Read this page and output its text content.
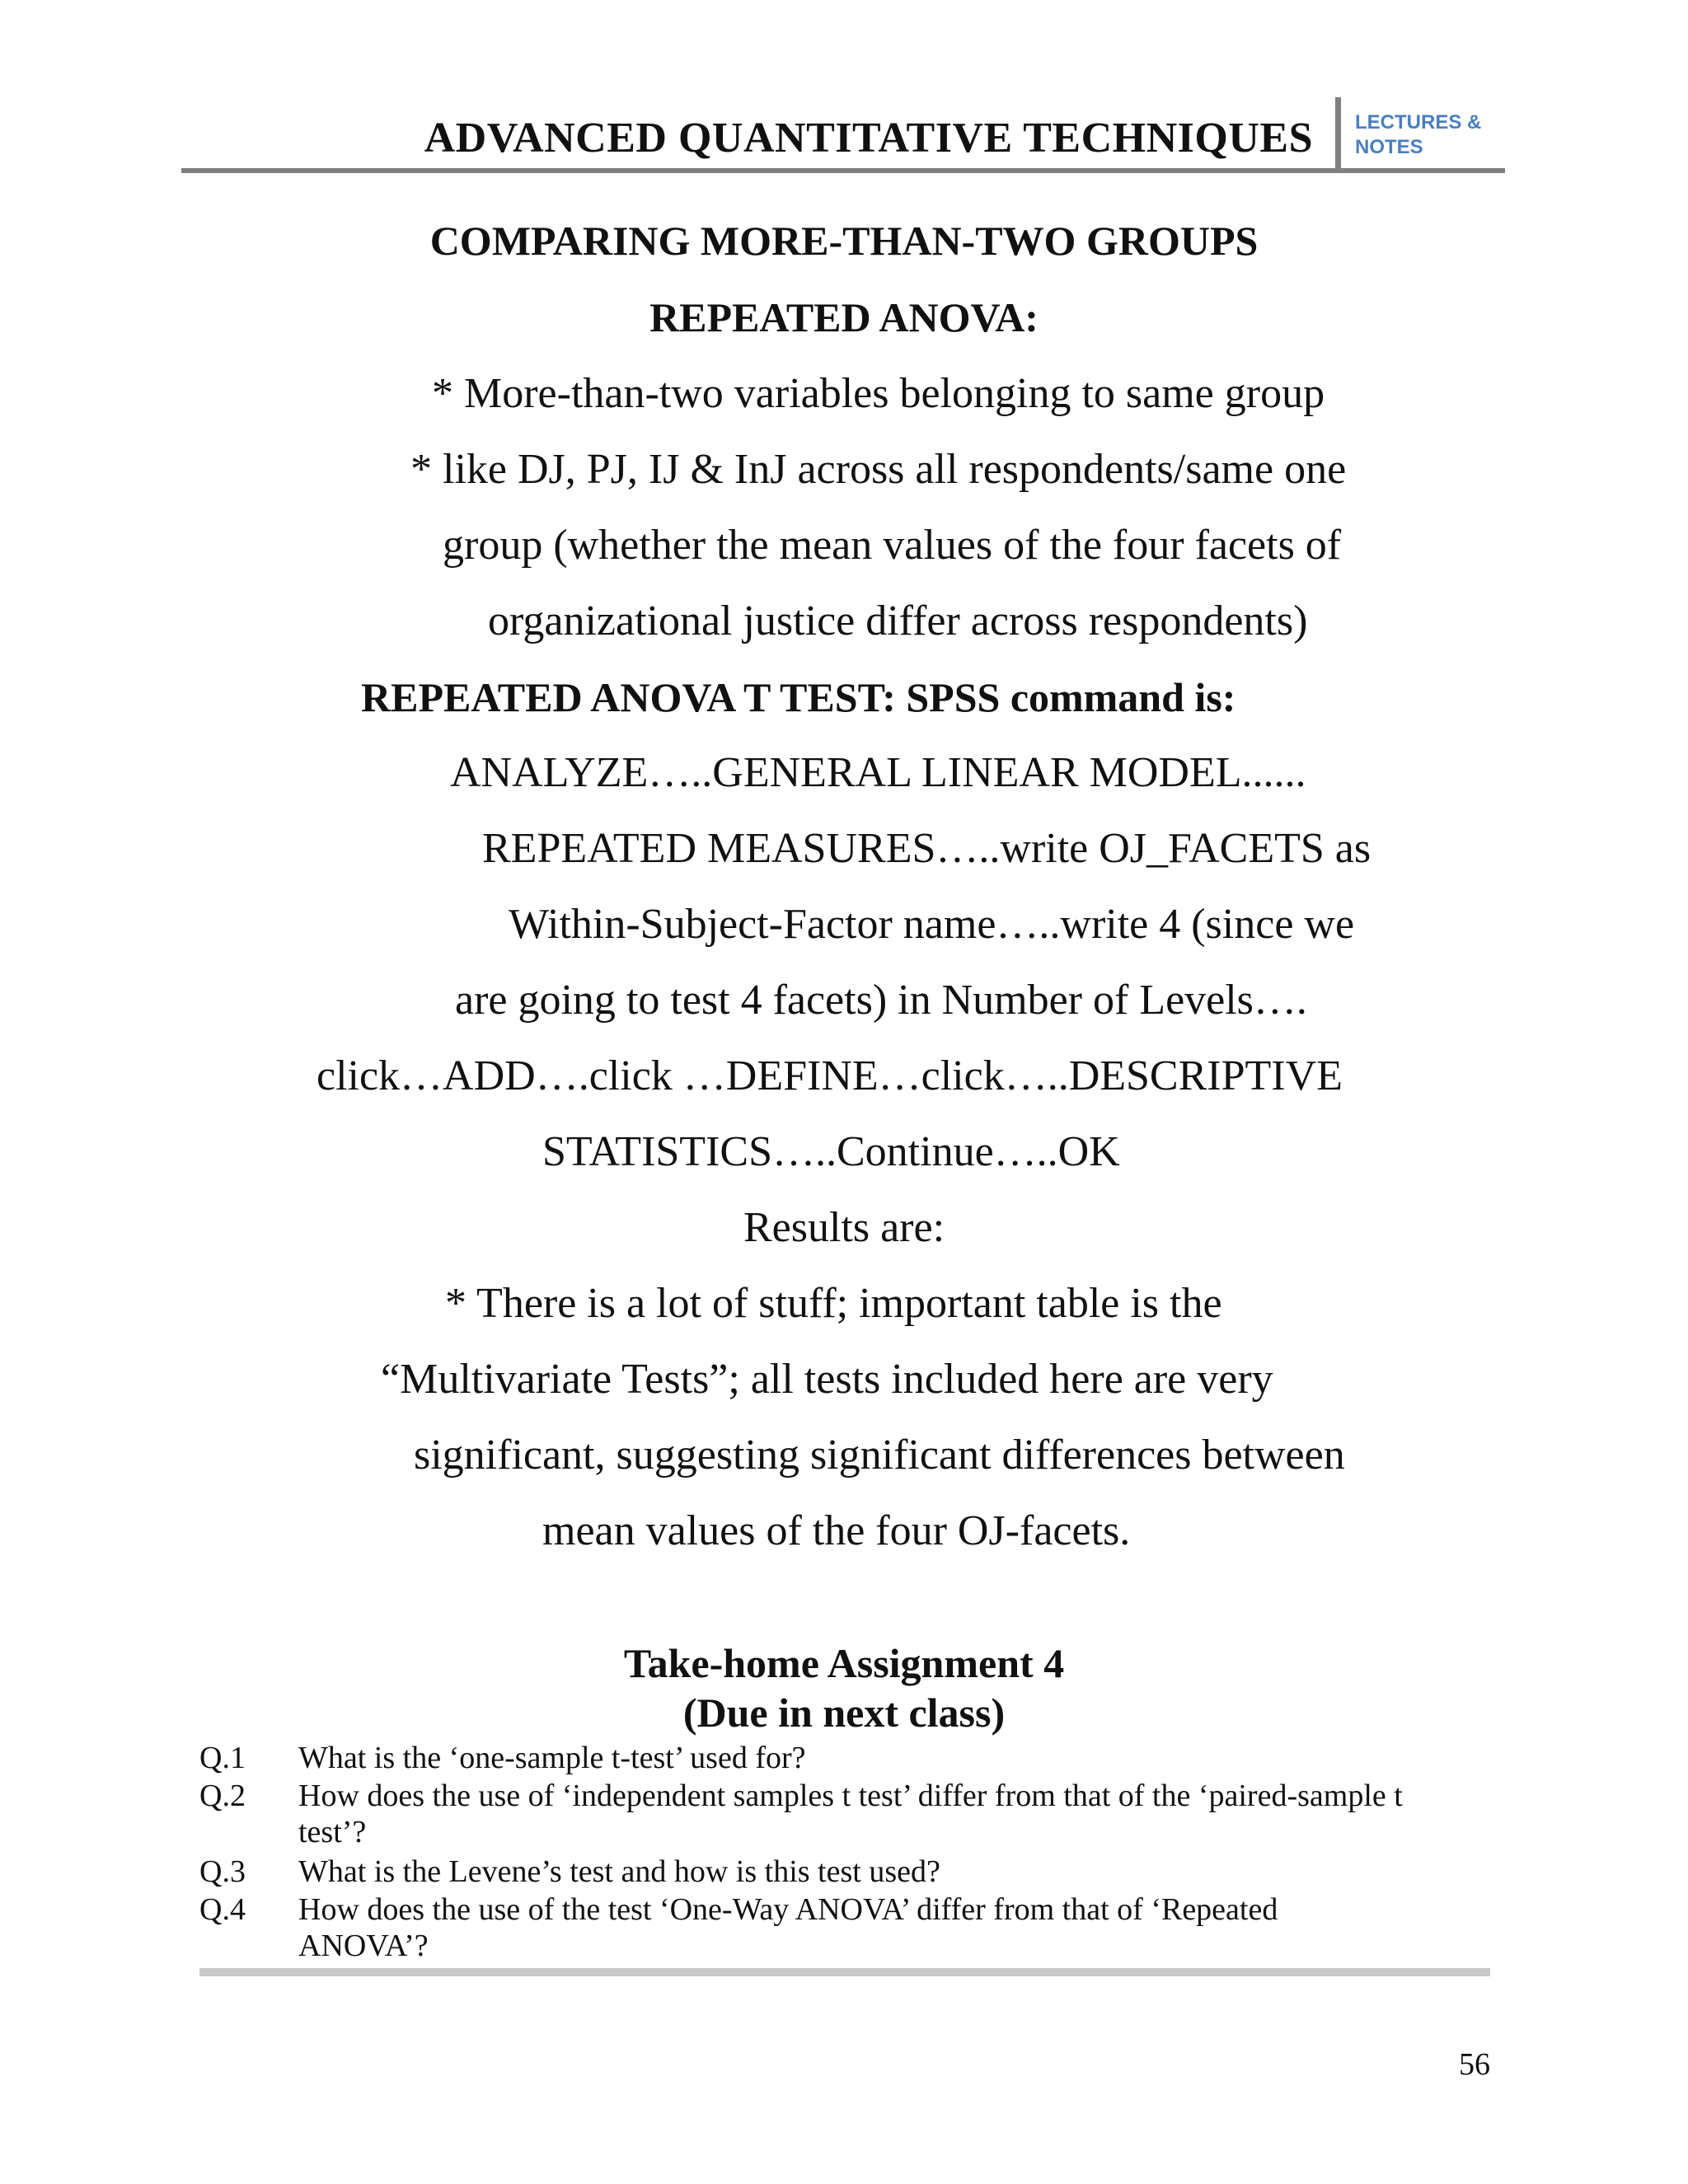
ADVANCED QUANTITATIVE TECHNIQUES LECTURES &
NOTES
COMPARING MORE-THAN-TWO GROUPS
REPEATED ANOVA:
* More-than-two variables belonging to same group
* like DJ, PJ, IJ & InJ across all respondents/same one
group (whether the mean values of the four facets of
organizational justice differ across respondents)
REPEATED ANOVA T TEST: SPSS command is:
ANALYZE…..GENERAL LINEAR MODEL......
REPEATED MEASURES…..write OJ_FACETS as
Within-Subject-Factor name…..write 4 (since we
are going to test 4 facets) in Number of Levels….
click…ADD….click …DEFINE…click…..DESCRIPTIVE
STATISTICS…..Continue…..OK
Results are:
* There is a lot of stuff; important table is the
“Multivariate Tests”; all tests included here are very
significant, suggesting significant differences between
mean values of the four OJ-facets.
Take-home Assignment 4
(Due in next class)
Q.1 What is the ‘one-sample t-test’ used for?
Q.2 How does the use of ‘independent samples t test’ differ from that of the ‘paired-sample t
test’?
Q.3 What is the Levene’s test and how is this test used?
Q.4 How does the use of the test ‘One-Way ANOVA’ differ from that of ‘Repeated
ANOVA’?
56
